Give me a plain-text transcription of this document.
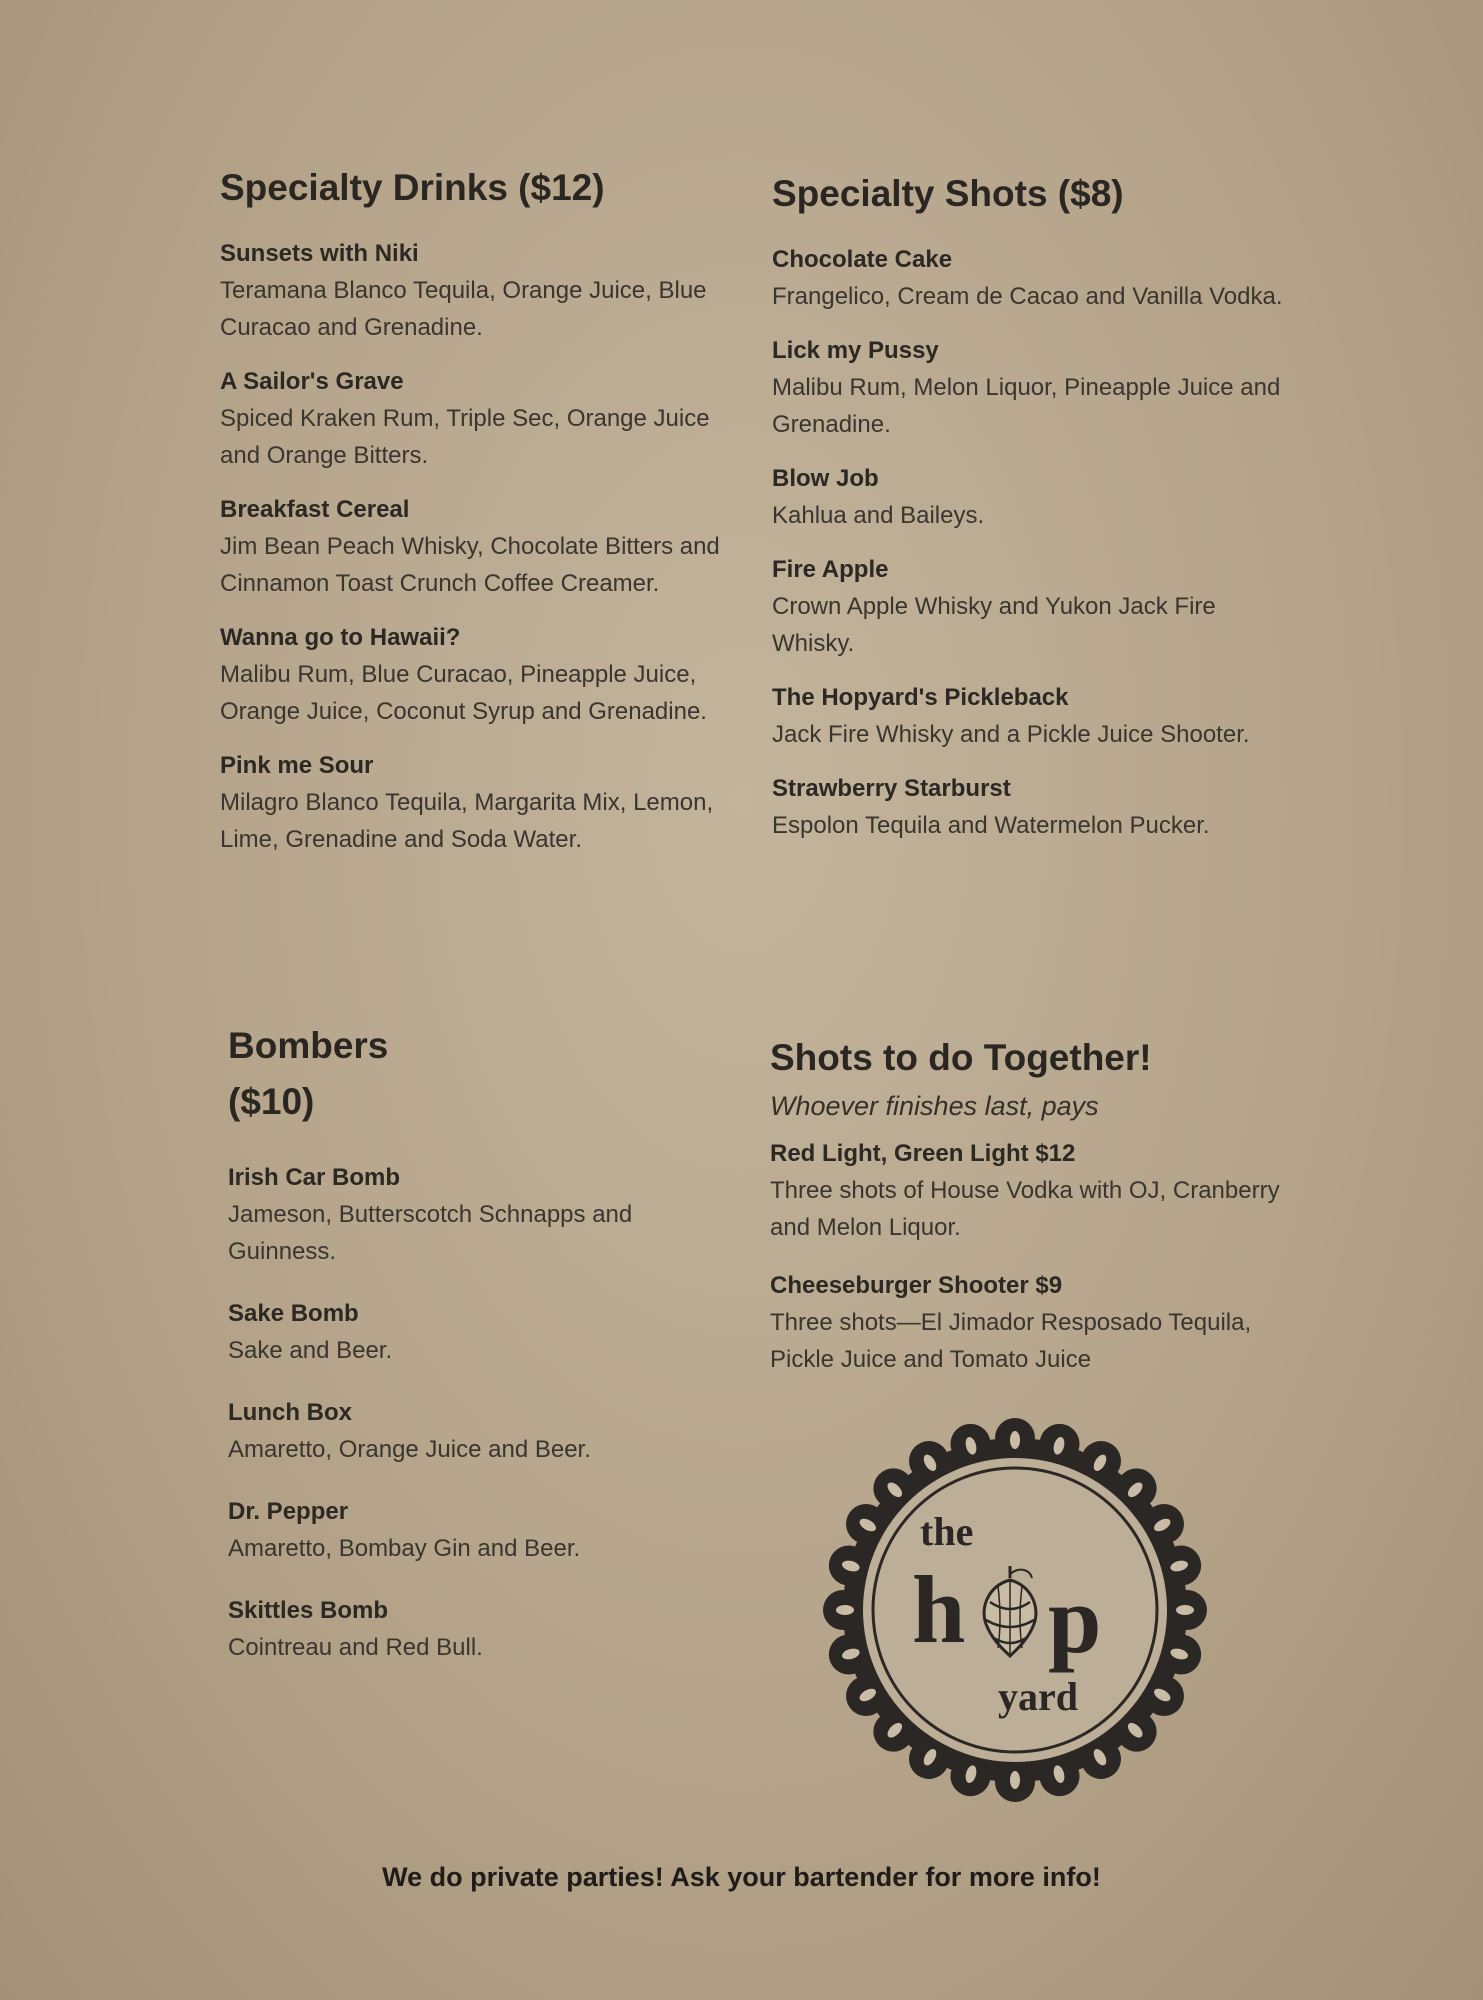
Specialty Drinks ($12)
Sunsets with Niki
Teramana Blanco Tequila, Orange Juice, Blue Curacao and Grenadine.
A Sailor's Grave
Spiced Kraken Rum, Triple Sec, Orange Juice and Orange Bitters.
Breakfast Cereal
Jim Bean Peach Whisky, Chocolate Bitters and Cinnamon Toast Crunch Coffee Creamer.
Wanna go to Hawaii?
Malibu Rum, Blue Curacao, Pineapple Juice, Orange Juice, Coconut Syrup and Grenadine.
Pink me Sour
Milagro Blanco Tequila, Margarita Mix, Lemon, Lime, Grenadine and Soda Water.
Specialty Shots ($8)
Chocolate Cake
Frangelico, Cream de Cacao and Vanilla Vodka.
Lick my Pussy
Malibu Rum, Melon Liquor, Pineapple Juice and Grenadine.
Blow Job
Kahlua and Baileys.
Fire Apple
Crown Apple Whisky and Yukon Jack Fire Whisky.
The Hopyard's Pickleback
Jack Fire Whisky and a Pickle Juice Shooter.
Strawberry Starburst
Espolon Tequila and Watermelon Pucker.
Bombers ($10)
Irish Car Bomb
Jameson, Butterscotch Schnapps and Guinness.
Sake Bomb
Sake and Beer.
Lunch Box
Amaretto, Orange Juice and Beer.
Dr. Pepper
Amaretto, Bombay Gin and Beer.
Skittles Bomb
Cointreau and Red Bull.
Shots to do Together!
Whoever finishes last, pays
Red Light, Green Light $12
Three shots of House Vodka with OJ, Cranberry and Melon Liquor.
Cheeseburger Shooter $9
Three shots—El Jimador Resposado Tequila, Pickle Juice and Tomato Juice
the
h p
yard
We do private parties! Ask your bartender for more info!
